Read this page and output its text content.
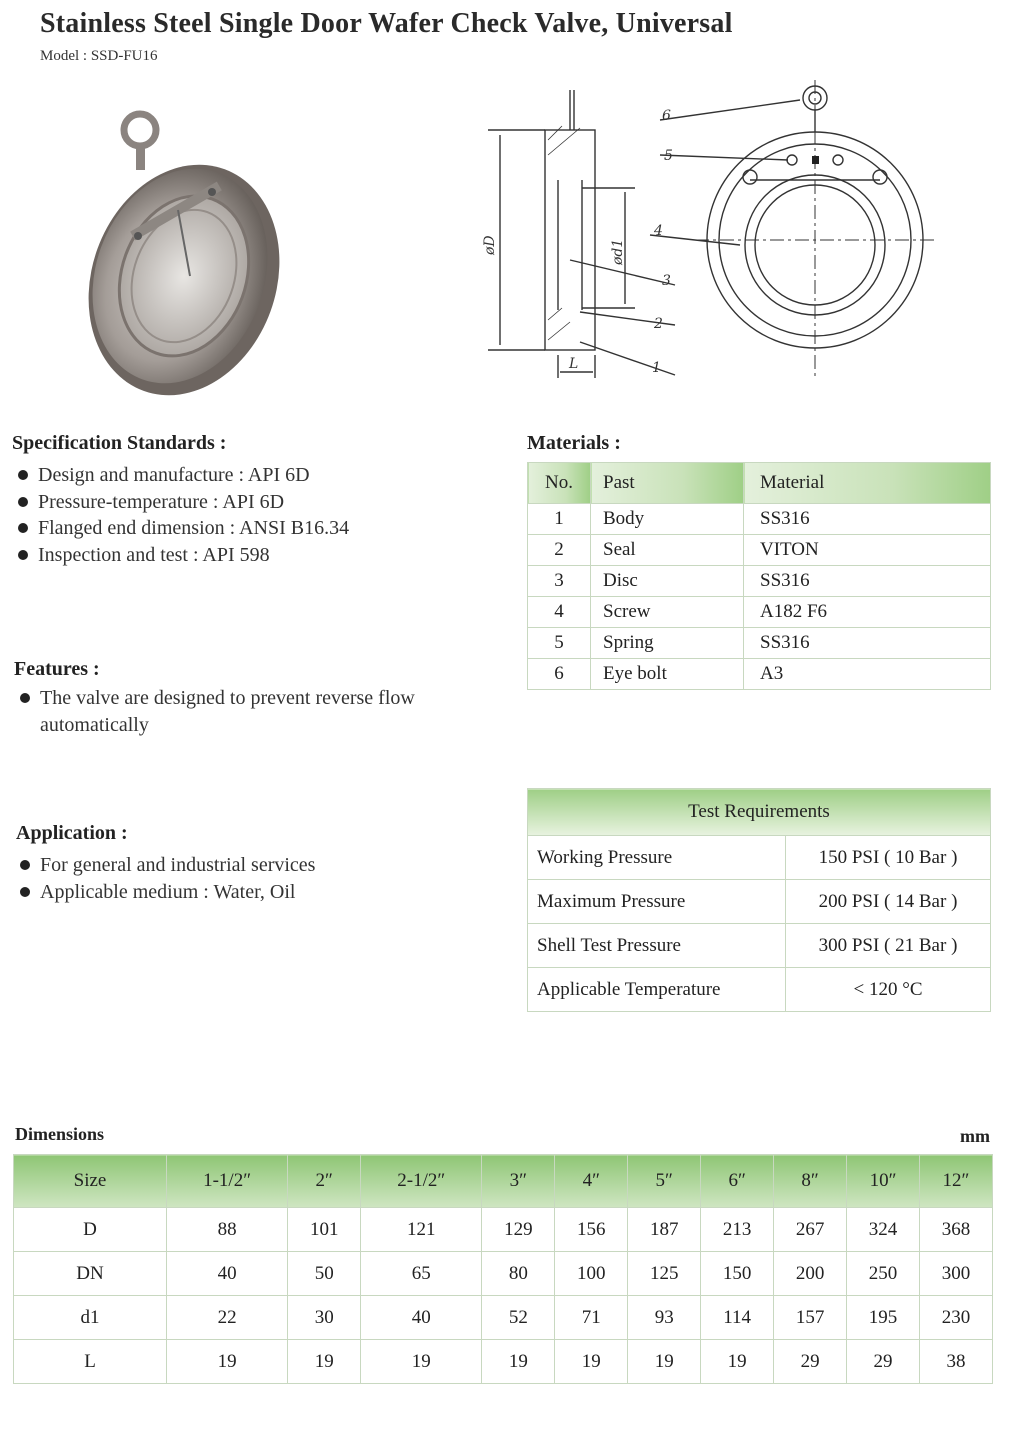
Stainless Steel Single Door Wafer Check Valve, Universal
Model : SSD-FU16
6
5
4
3
2
1
øD	ød1
L
Specification Standards :
Design and manufacture : API 6D
Pressure-temperature : API 6D
Flanged end dimension : ANSI B16.34
Inspection and test : API 598
Features :
The valve are designed to prevent reverse flow automatically
Application :
For general and industrial services
Applicable medium : Water, Oil
Materials :
No.	Past	Material
1	Body	SS316
2	Seal	VITON
3	Disc	SS316
4	Screw	A182 F6
5	Spring	SS316
6	Eye bolt	A3
Test Requirements	
Working Pressure	150 PSI ( 10 Bar )
Maximum Pressure	200 PSI ( 14 Bar )
Shell Test Pressure	300 PSI ( 21 Bar )
Applicable Temperature	< 120 °C
Dimensions	mm
Size	1-1/2″	2″	2-1/2″	3″	4″	5″	6″	8″	10″	12″
D	88	101	121	129	156	187	213	267	324	368
DN	40	50	65	80	100	125	150	200	250	300
d1	22	30	40	52	71	93	114	157	195	230
L	19	19	19	19	19	19	19	29	29	38
